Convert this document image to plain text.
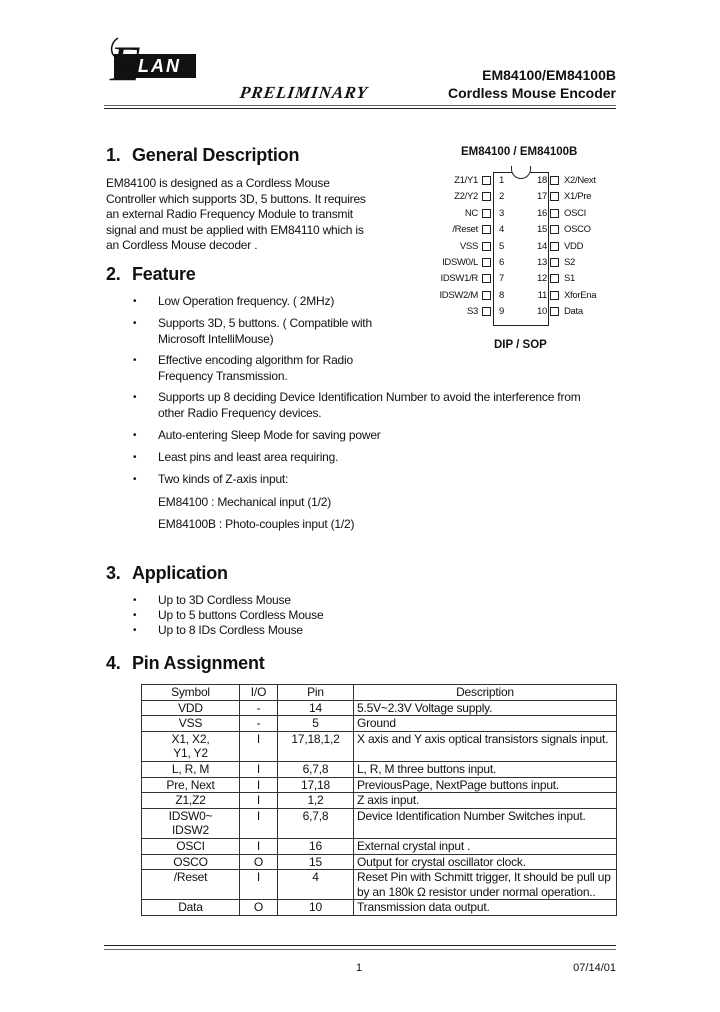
E
LAN
PRELIMINARY
EM84100/EM84100B
Cordless Mouse Encoder
1. General Description
EM84100 is designed as a Cordless Mouse
Controller which supports 3D, 5 buttons. It requires
an external Radio Frequency Module to transmit
signal and must be applied with EM84110 which is
an Cordless Mouse decoder .
2. Feature
• Low Operation frequency. ( 2MHz)
• Supports 3D, 5 buttons. ( Compatible with
Microsoft IntelliMouse)
• Effective encoding algorithm for Radio
Frequency Transmission.
• Supports up 8 deciding Device Identification Number to avoid the interference from
other Radio Frequency devices.
• Auto-entering Sleep Mode for saving power
• Least pins and least area requiring.
• Two kinds of Z-axis input:
EM84100 : Mechanical input (1/2)
EM84100B : Photo-couples input (1/2)
3. Application
• Up to 3D Cordless Mouse
• Up to 5 buttons Cordless Mouse
• Up to 8 IDs Cordless Mouse
4. Pin Assignment
EM84100 / EM84100B
Z1/Y1 1
Z2/Y2 2
NC 3
/Reset 4
VSS 5
IDSW0/L 6
IDSW1/R 7
IDSW2/M 8
S3 9
18 X2/Next
17 X1/Pre
16 OSCI
15 OSCO
14 VDD
13 S2
12 S1
11 XforEna
10 Data
DIP / SOP
Symbol	I/O	Pin	Description

VDD	-	14	5.5V~2.3V Voltage supply.

VSS	-	5	Ground

X1, X2,
Y1, Y2	I	17,18,1,2	X axis and Y axis optical transistors signals input.

L, R, M	I	6,7,8	L, R, M three buttons input.

Pre, Next	I	17,18	PreviousPage, NextPage buttons input.

Z1,Z2	I	1,2	Z axis input.

IDSW0~
IDSW2	I	6,7,8	Device Identification Number Switches input.

OSCI	I	16	External crystal input .

OSCO	O	15	Output for crystal oscillator clock.

/Reset	I	4	Reset Pin with Schmitt trigger, It should be pull up
by an 180k Ω resistor under normal operation..

Data	O	10	Transmission data output.
1	07/14/01
